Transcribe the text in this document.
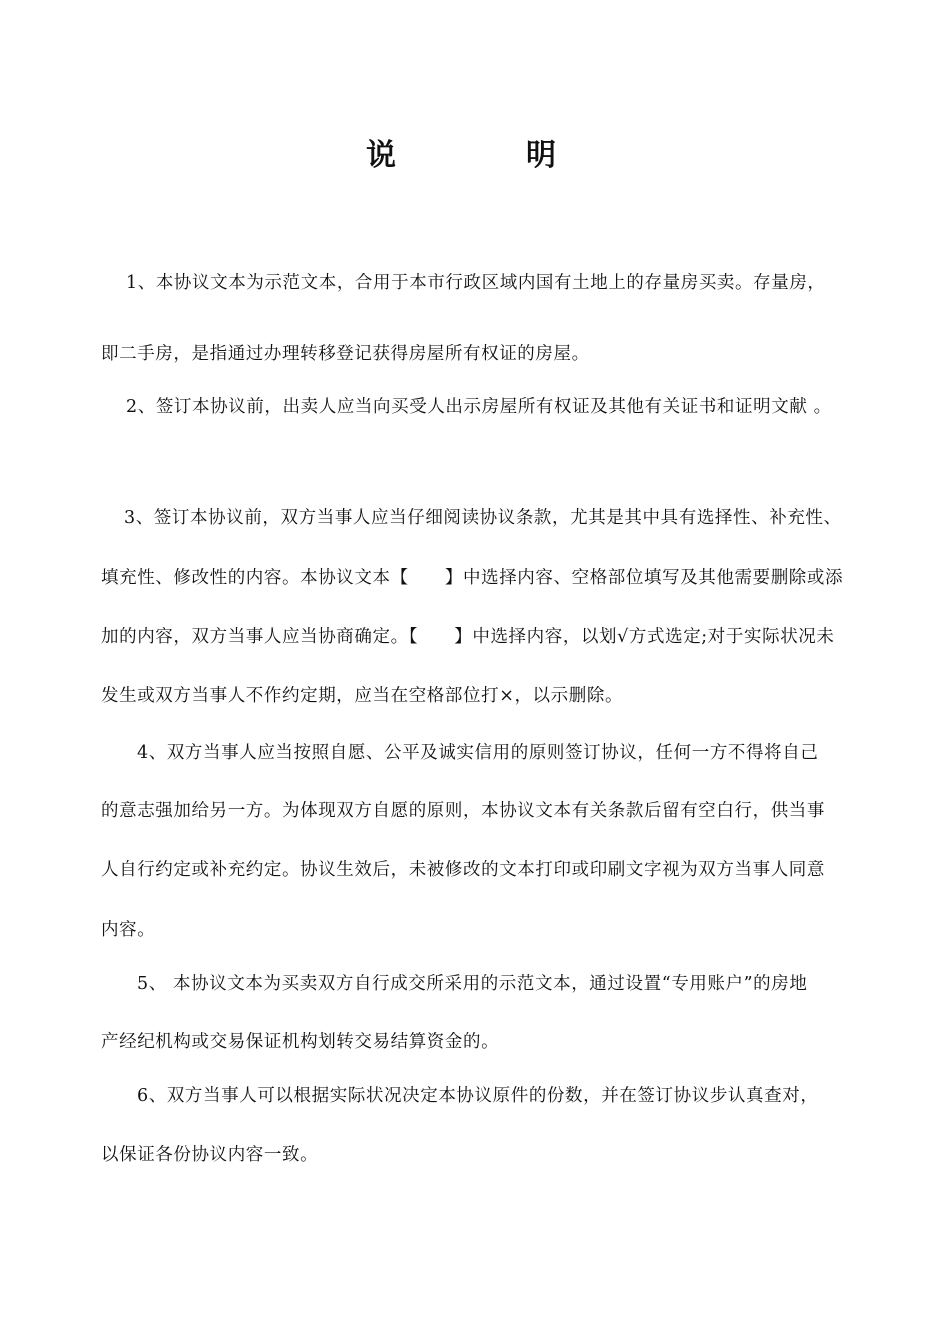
说　明
1、本协议文本为示范文本，合用于本市行政区域内国有土地上的存量房买卖。存量房，
即二手房，是指通过办理转移登记获得房屋所有权证的房屋。
2、签订本协议前，出卖人应当向买受人出示房屋所有权证及其他有关证书和证明文献 。
3、签订本协议前，双方当事人应当仔细阅读协议条款，尤其是其中具有选择性、补充性、
填充性、修改性的内容。本协议文本【　　】中选择内容、空格部位填写及其他需要删除或添
加的内容，双方当事人应当协商确定。【　　】中选择内容，以划√方式选定;对于实际状况未
发生或双方当事人不作约定期，应当在空格部位打×，以示删除。
4、双方当事人应当按照自愿、公平及诚实信用的原则签订协议，任何一方不得将自己
的意志强加给另一方。为体现双方自愿的原则，本协议文本有关条款后留有空白行，供当事
人自行约定或补充约定。协议生效后，未被修改的文本打印或印刷文字视为双方当事人同意
内容。
5、 本协议文本为买卖双方自行成交所采用的示范文本，通过设置“专用账户”的房地
产经纪机构或交易保证机构划转交易结算资金的。
6、双方当事人可以根据实际状况决定本协议原件的份数，并在签订协议步认真查对，
以保证各份协议内容一致。
